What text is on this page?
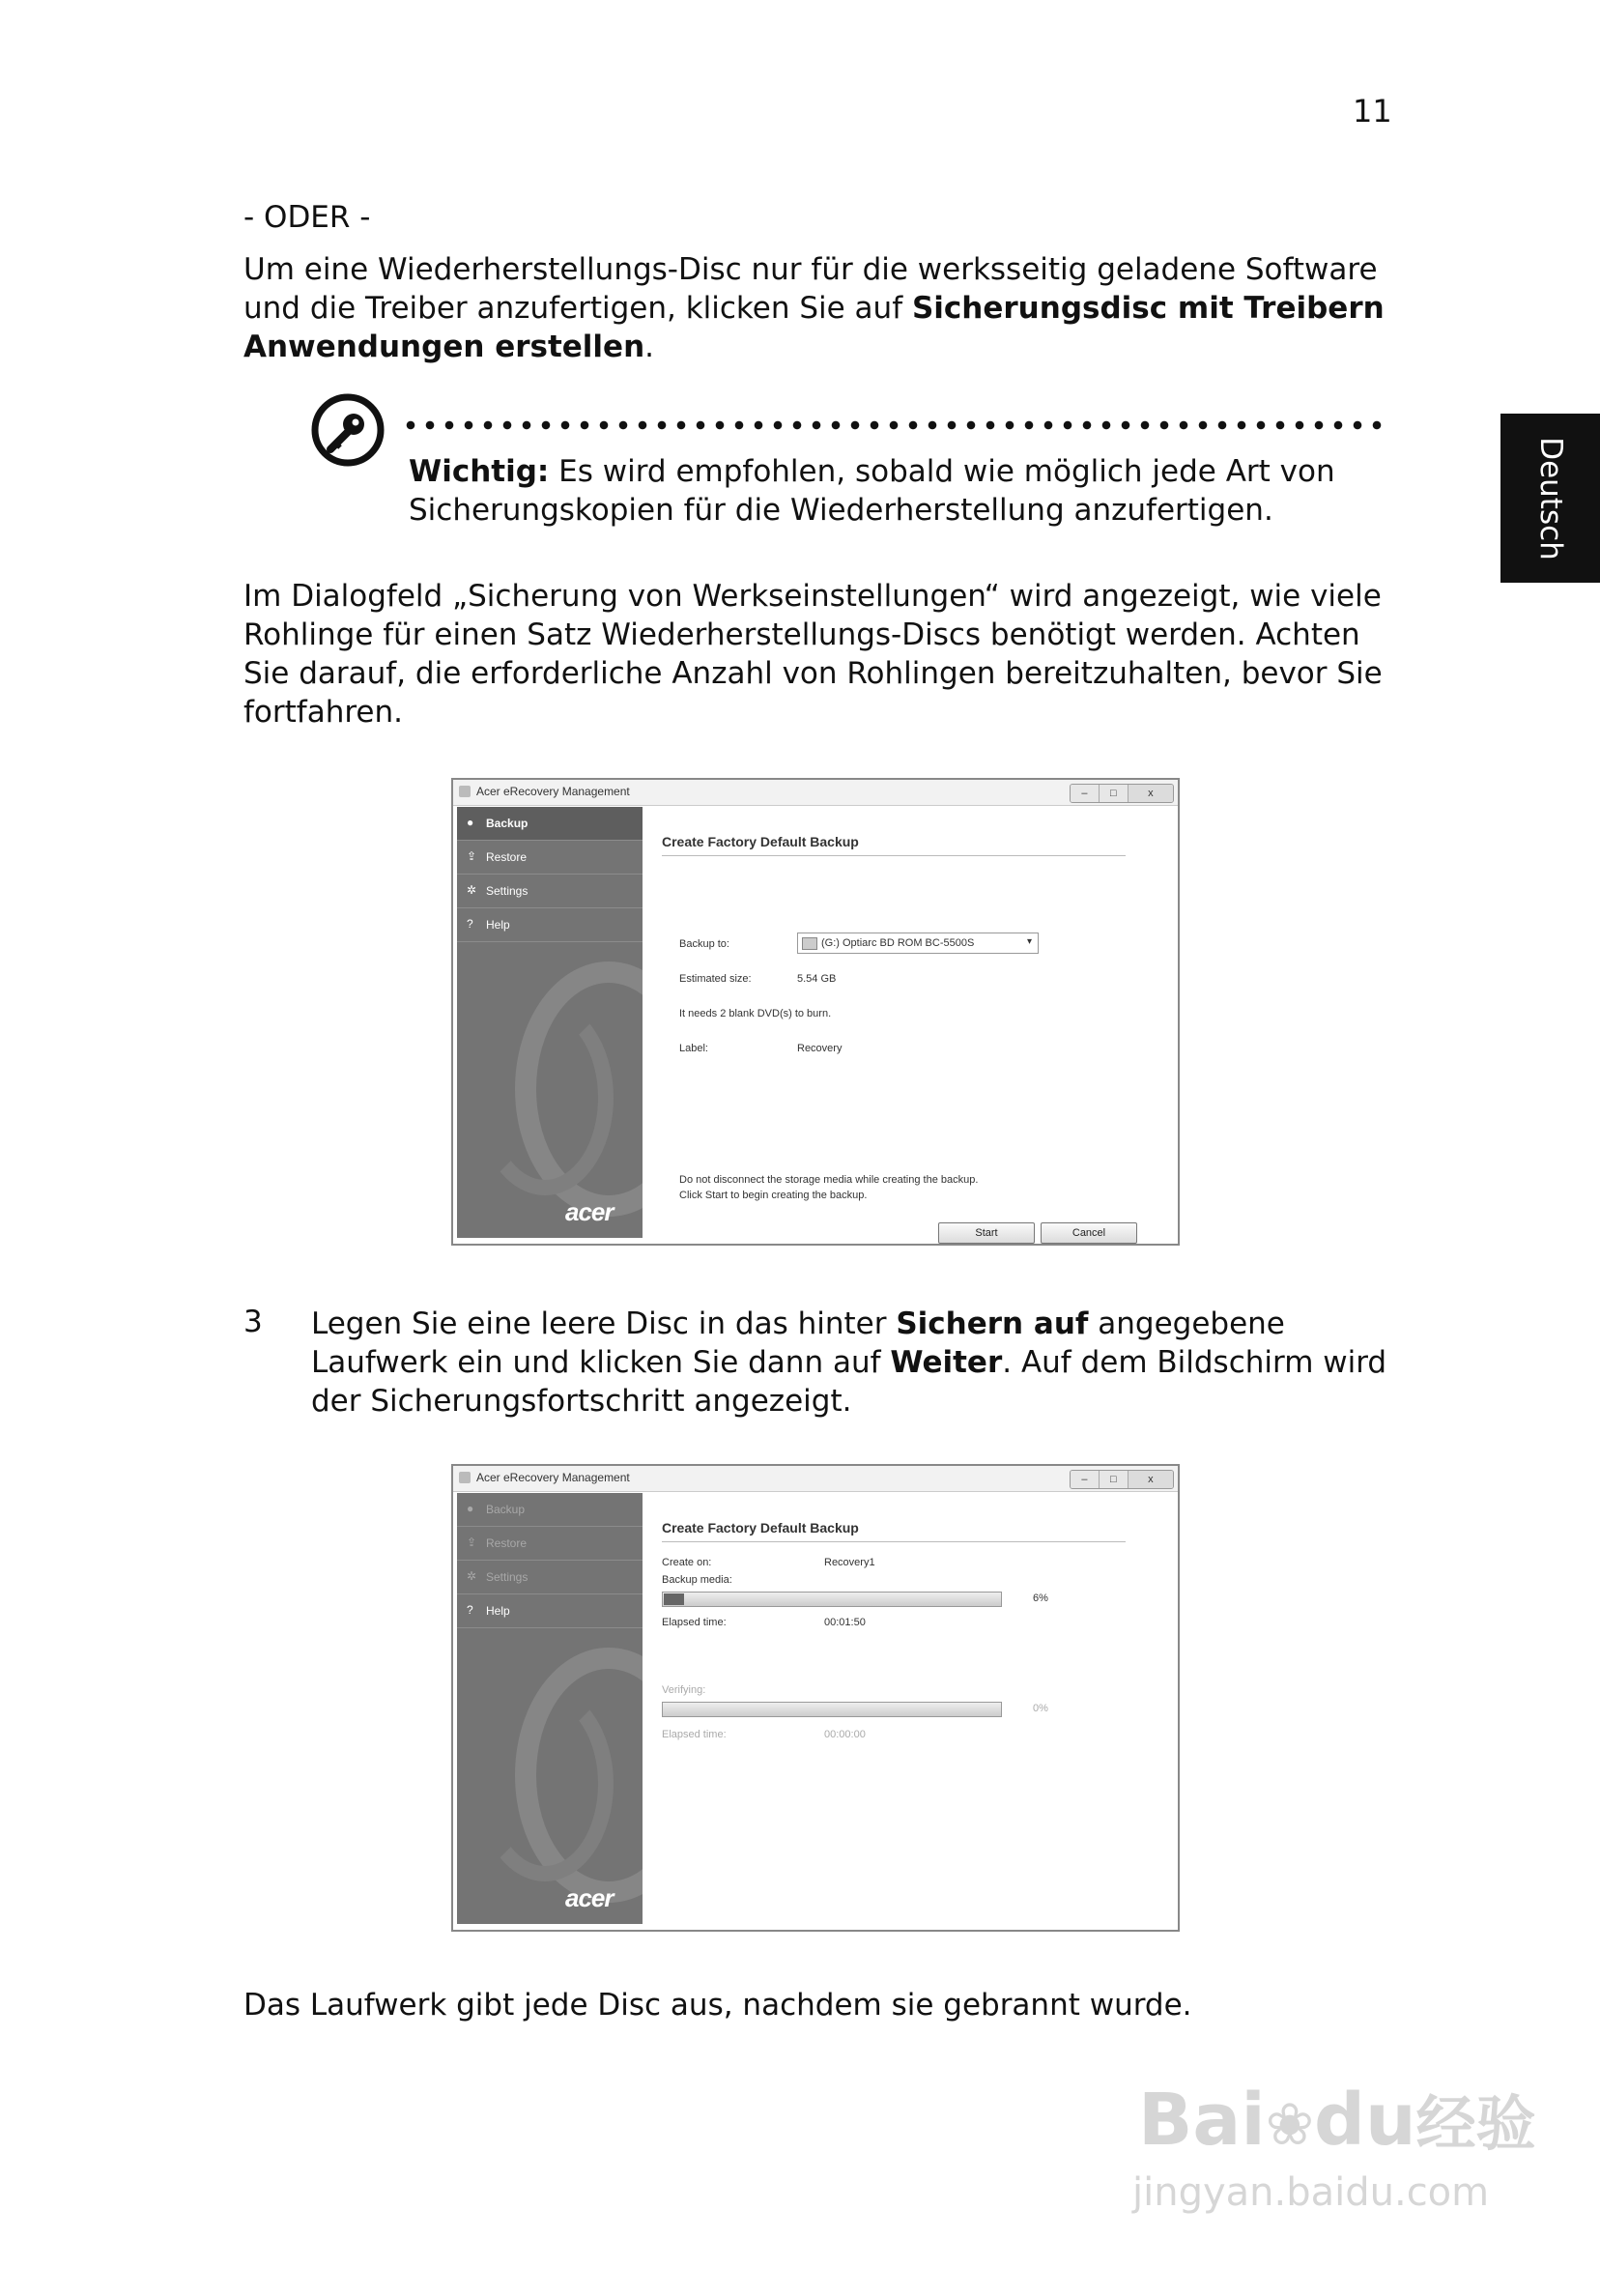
11
Deutsch
- ODER -
Um eine Wiederherstellungs-Disc nur für die werksseitig geladene Software und die Treiber anzufertigen, klicken Sie auf Sicherungsdisc mit Treibern Anwendungen erstellen.
Wichtig: Es wird empfohlen, sobald wie möglich jede Art von Sicherungskopien für die Wiederherstellung anzufertigen.
Im Dialogfeld „Sicherung von Werkseinstellungen“ wird angezeigt, wie viele Rohlinge für einen Satz Wiederherstellungs-Discs benötigt werden. Achten Sie darauf, die erforderliche Anzahl von Rohlingen bereitzuhalten, bevor Sie fortfahren.
Acer eRecovery Management	–	□	x
●	Backup
⇪ Restore
✲ Settings
?	Help
acer
Create Factory Default Backup
Backup to:	(G:) Optiarc BD ROM BC-5500S	▾
Estimated size:	5.54 GB
It needs 2 blank DVD(s) to burn.
Label:	Recovery
Do not disconnect the storage media while creating the backup.
Click Start to begin creating the backup.
Start	Cancel
3 Legen Sie eine leere Disc in das hinter Sichern auf angegebene Laufwerk ein und klicken Sie dann auf Weiter. Auf dem Bildschirm wird der Sicherungsfortschritt angezeigt.
Acer eRecovery Management	–	□	x
●	Backup
⇪ Restore
✲ Settings
?	Help
acer
Create Factory Default Backup
Create on:	Recovery1
Backup media:
6%
Elapsed time:	00:01:50
Verifying:
0%
Elapsed time:	00:00:00
Das Laufwerk gibt jede Disc aus, nachdem sie gebrannt wurde.
Bai❀du经验
jingyan.baidu.com
